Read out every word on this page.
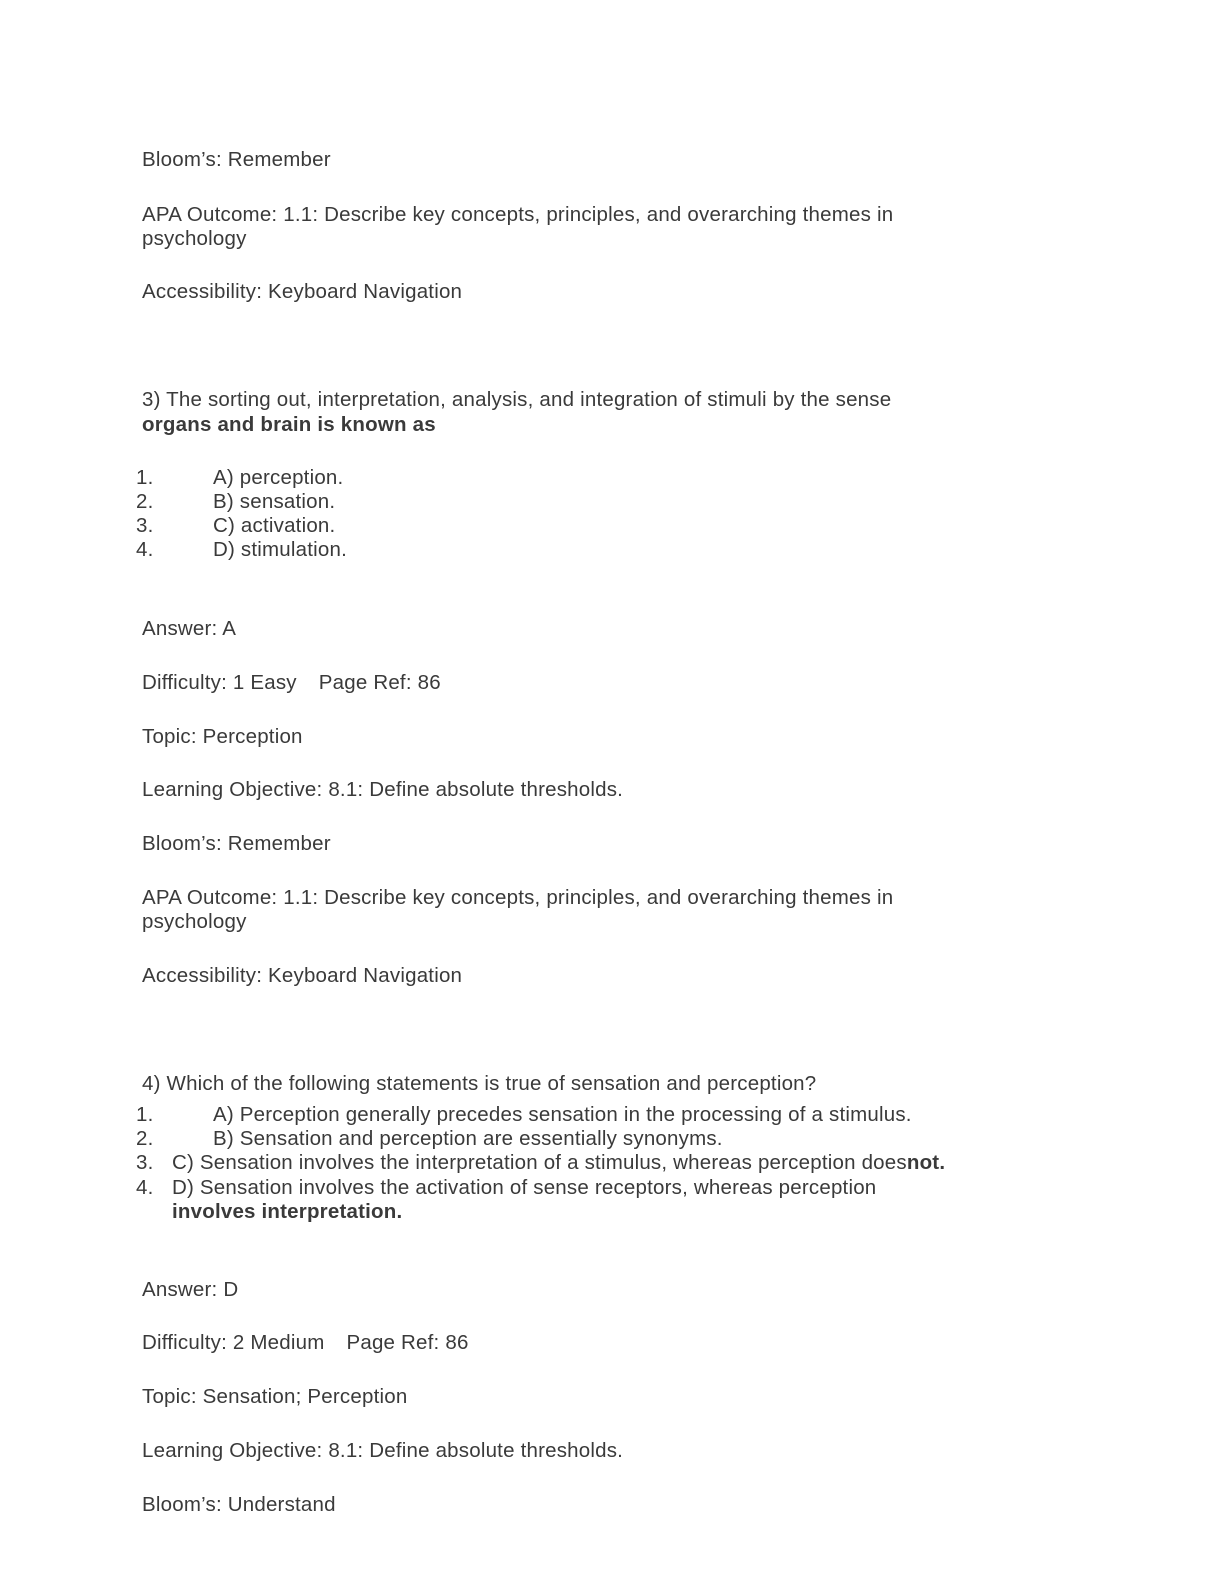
Bloom’s: Remember
APA Outcome: 1.1: Describe key concepts, principles, and overarching themes in
psychology
Accessibility: Keyboard Navigation
3) The sorting out, interpretation, analysis, and integration of stimuli by the sense
organs and brain is known as
1.	A) perception.
2.	B) sensation.
3.	C) activation.
4.	D) stimulation.
Answer: A
Difficulty: 1 Easy Page Ref: 86
Topic: Perception
Learning Objective: 8.1: Define absolute thresholds.
Bloom’s: Remember
APA Outcome: 1.1: Describe key concepts, principles, and overarching themes in
psychology
Accessibility: Keyboard Navigation
4) Which of the following statements is true of sensation and perception?
1.	A) Perception generally precedes sensation in the processing of a stimulus.
2.	B) Sensation and perception are essentially synonyms.
3. C) Sensation involves the interpretation of a stimulus, whereas perception doesnot.
4. D) Sensation involves the activation of sense receptors, whereas perception
involves interpretation.
Answer: D
Difficulty: 2 Medium Page Ref: 86
Topic: Sensation; Perception
Learning Objective: 8.1: Define absolute thresholds.
Bloom’s: Understand
